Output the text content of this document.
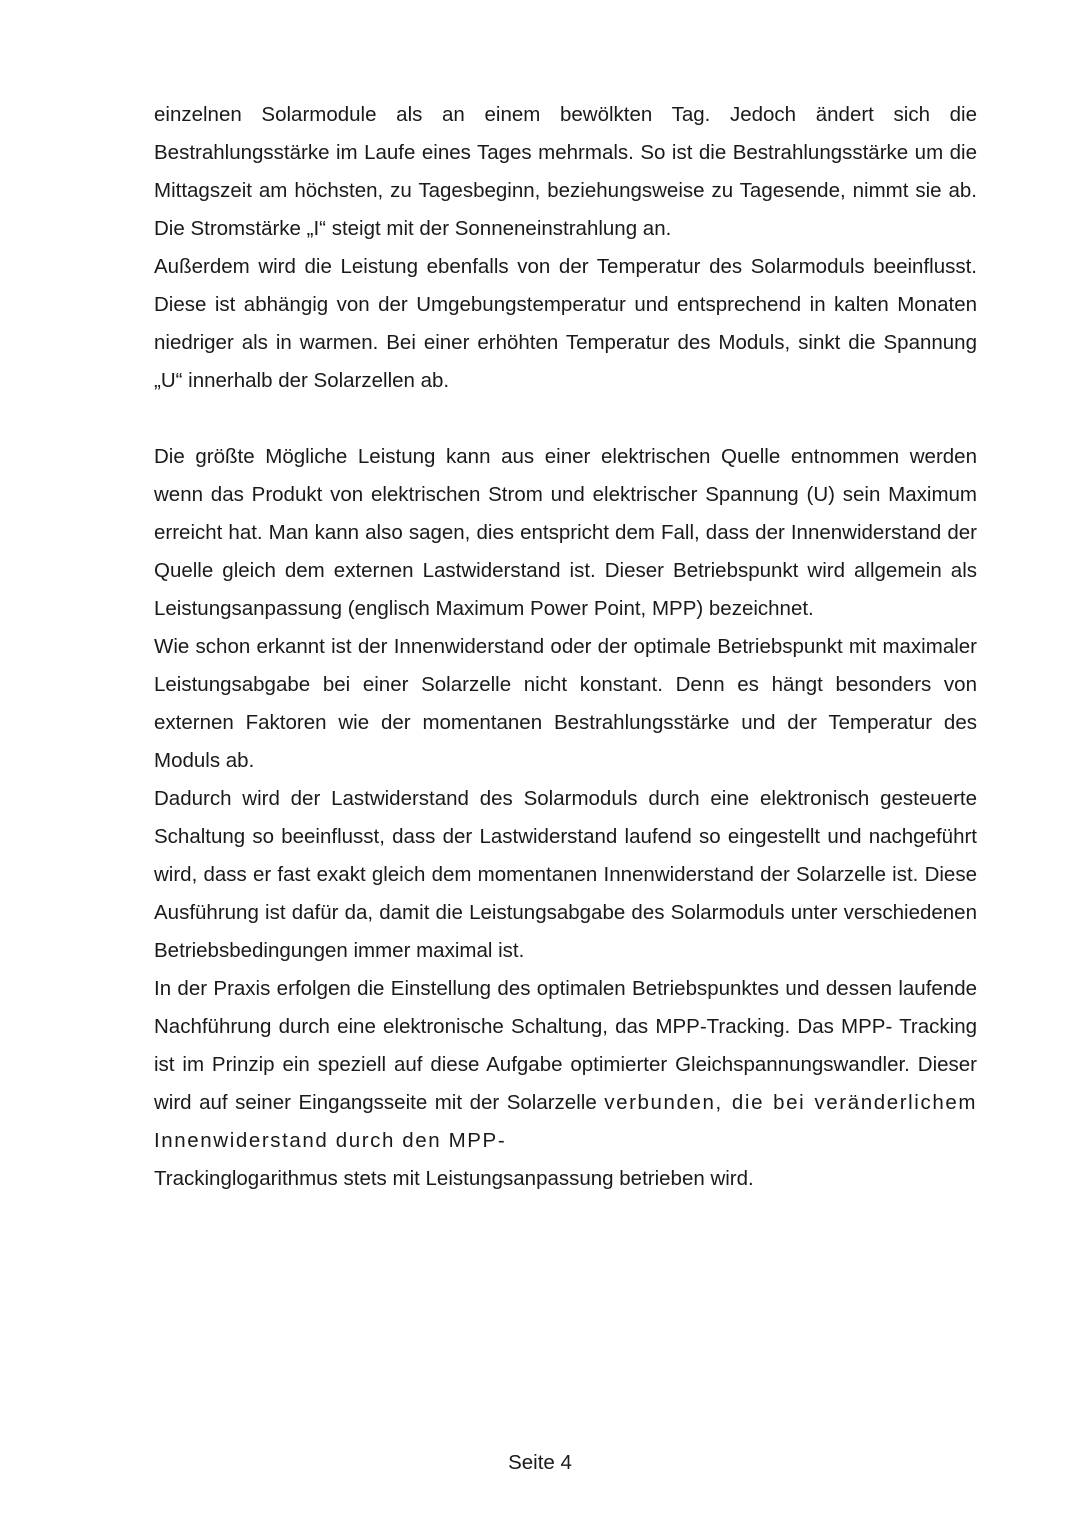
einzelnen Solarmodule als an einem bewölkten Tag. Jedoch ändert sich die Bestrahlungsstärke im Laufe eines Tages mehrmals. So ist die Bestrahlungsstärke um die Mittagszeit am höchsten, zu Tagesbeginn, beziehungsweise zu Tagesende, nimmt sie ab. Die Stromstärke „I“ steigt mit der Sonneneinstrahlung an.

Außerdem wird die Leistung ebenfalls von der Temperatur des Solarmoduls beeinflusst. Diese ist abhängig von der Umgebungstemperatur und entsprechend in kalten Monaten niedriger als in warmen. Bei einer erhöhten Temperatur des Moduls, sinkt die Spannung „U“ innerhalb der Solarzellen ab.

Die größte Mögliche Leistung kann aus einer elektrischen Quelle entnommen werden wenn das Produkt von elektrischen Strom und elektrischer Spannung (U) sein Maximum erreicht hat. Man kann also sagen, dies entspricht dem Fall, dass der Innenwiderstand der Quelle gleich dem externen Lastwiderstand ist. Dieser Betriebspunkt wird allgemein als Leistungsanpassung (englisch Maximum Power Point, MPP) bezeichnet.

Wie schon erkannt ist der Innenwiderstand oder der optimale Betriebspunkt mit maximaler Leistungsabgabe bei einer Solarzelle nicht konstant. Denn es hängt besonders von externen Faktoren wie der momentanen Bestrahlungsstärke und der Temperatur des Moduls ab.

Dadurch wird der Lastwiderstand des Solarmoduls durch eine elektronisch gesteuerte Schaltung so beeinflusst, dass der Lastwiderstand laufend so eingestellt und nachgeführt wird, dass er fast exakt gleich dem momentanen Innenwiderstand der Solarzelle ist. Diese Ausführung ist dafür da, damit die Leistungsabgabe des Solarmoduls unter verschiedenen Betriebsbedingungen immer maximal ist.

In der Praxis erfolgen die Einstellung des optimalen Betriebspunktes und dessen laufende Nachführung durch eine elektronische Schaltung, das MPP-Tracking. Das MPP- Tracking ist im Prinzip ein speziell auf diese Aufgabe optimierter Gleichspannungswandler. Dieser wird auf seiner Eingangsseite mit der Solarzelle verbunden, die bei veränderlichem Innenwiderstand durch den MPP-
Trackinglogarithmus stets mit Leistungsanpassung betrieben wird.

Seite 4
